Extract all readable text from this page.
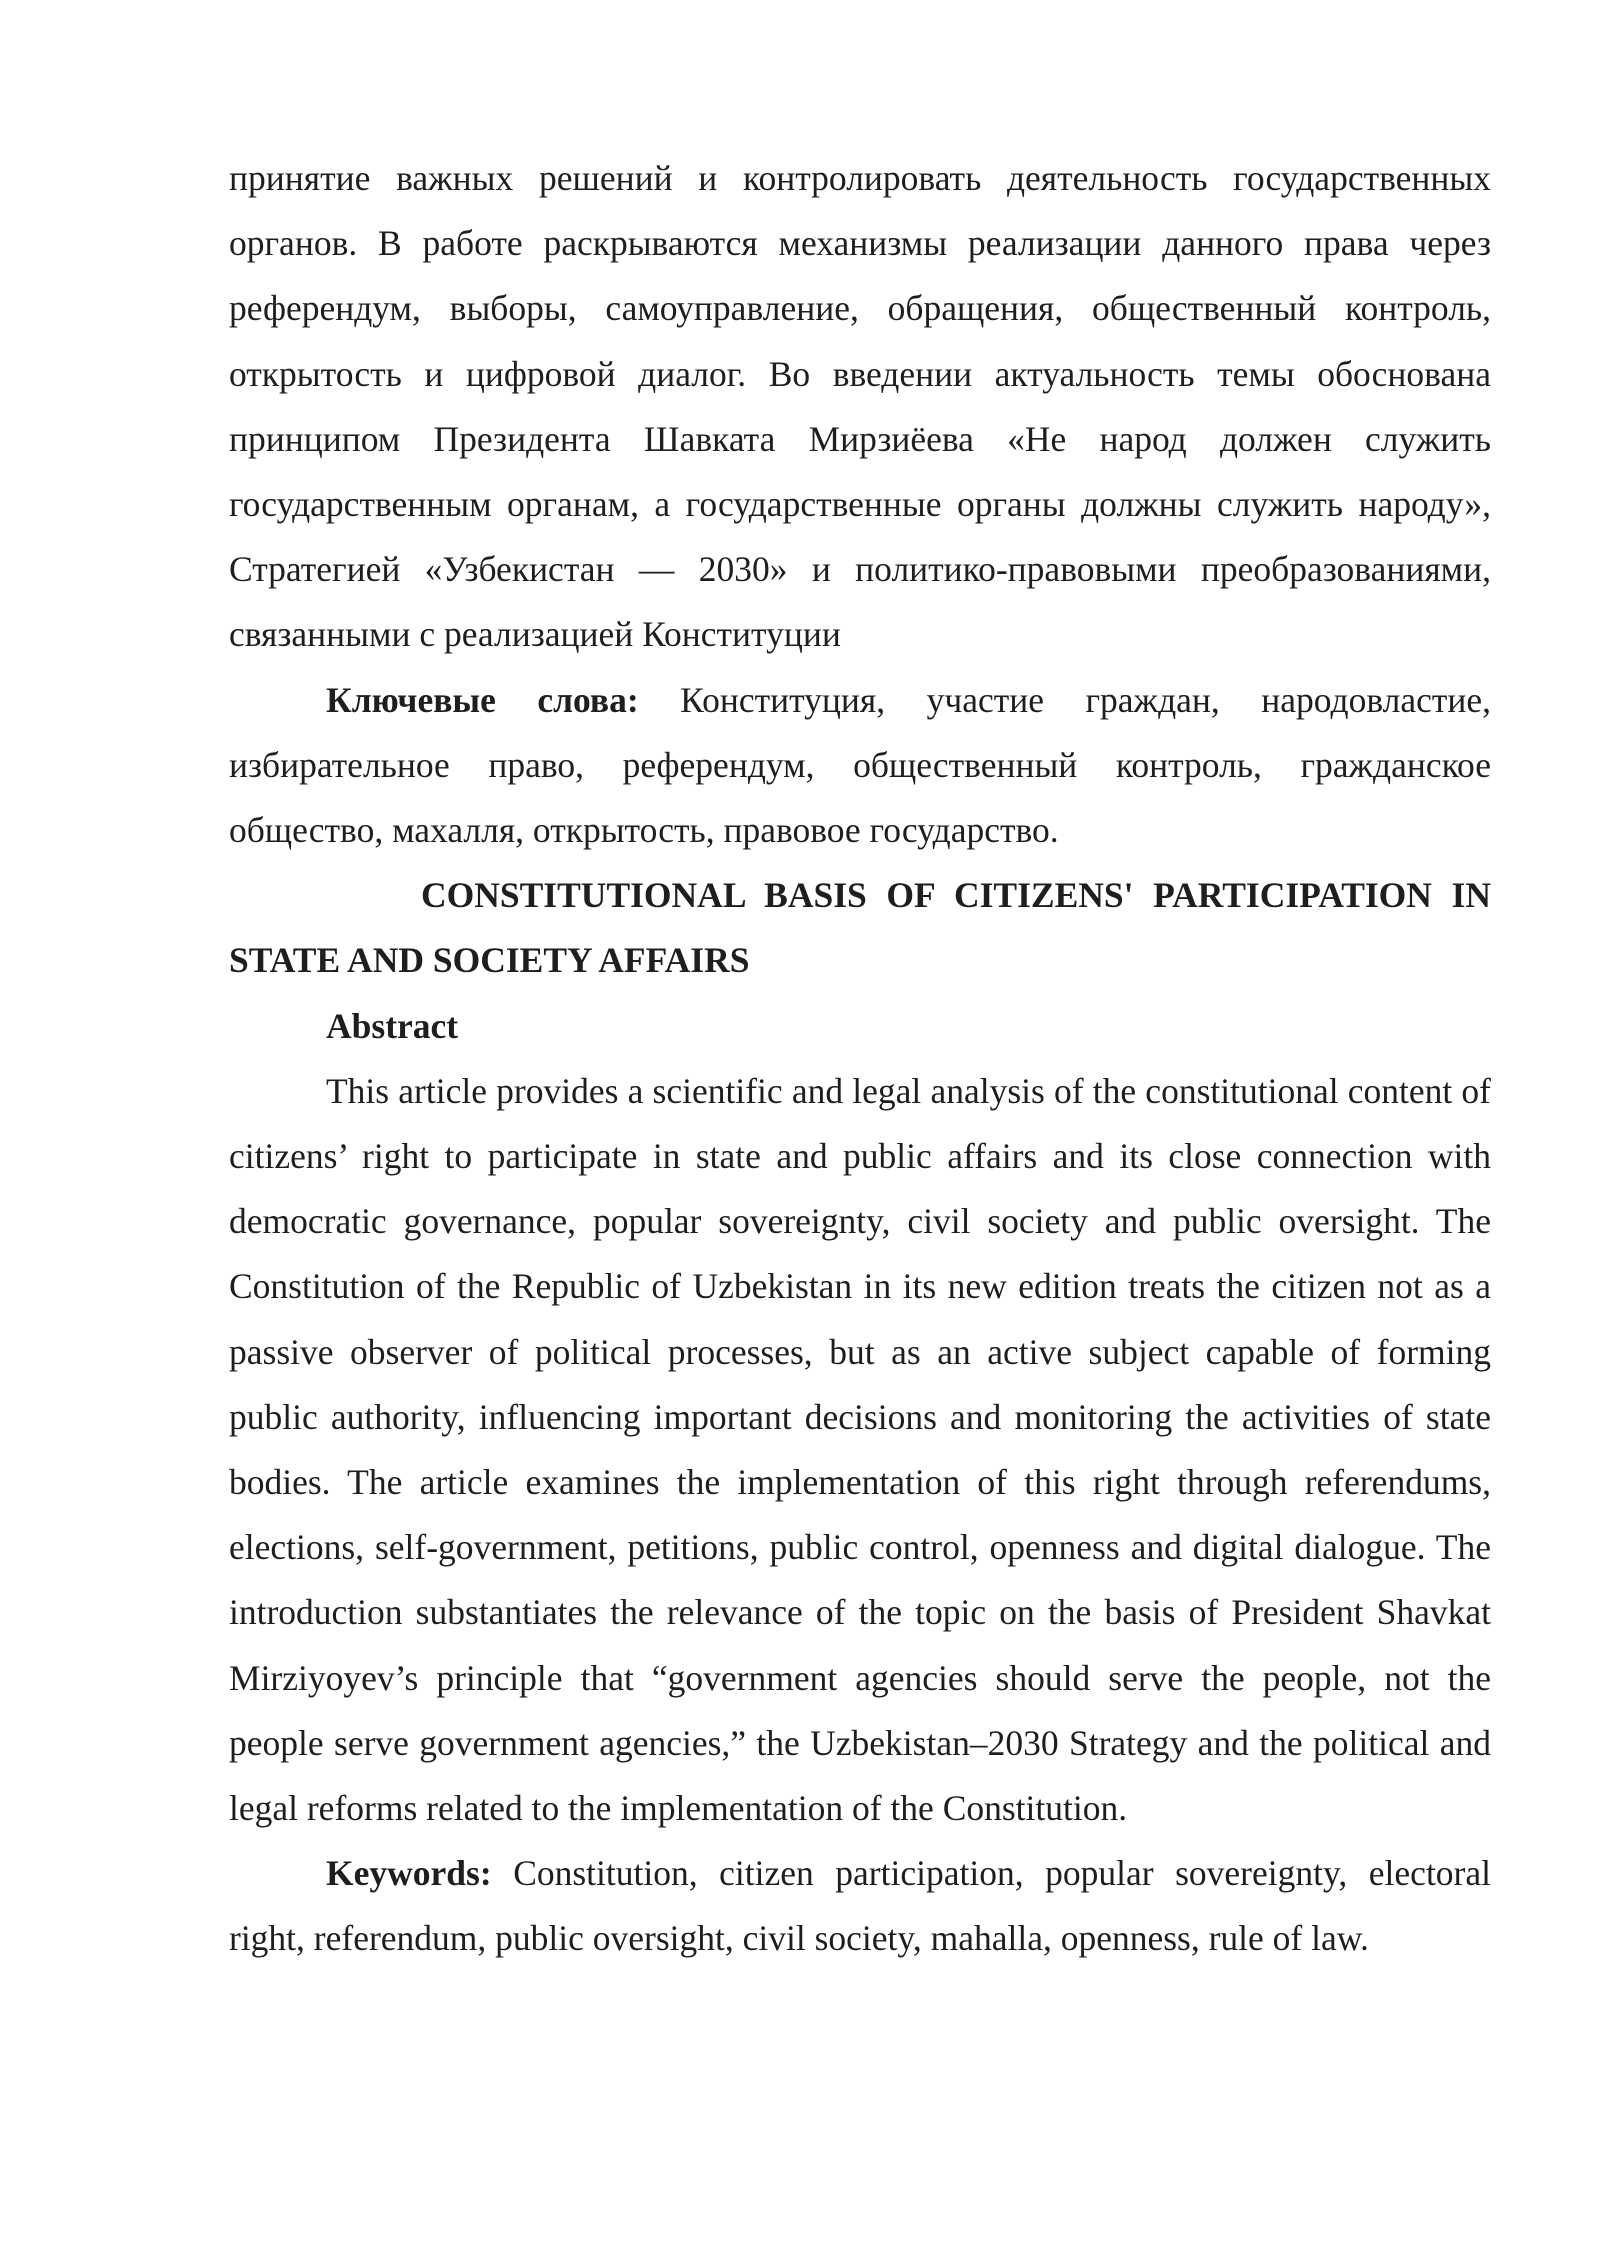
принятие важных решений и контролировать деятельность государственных органов. В работе раскрываются механизмы реализации данного права через референдум, выборы, самоуправление, обращения, общественный контроль, открытость и цифровой диалог. Во введении актуальность темы обоснована принципом Президента Шавката Мирзиёева «Не народ должен служить государственным органам, а государственные органы должны служить народу», Стратегией «Узбекистан — 2030» и политико-правовыми преобразованиями, связанными с реализацией Конституции

Ключевые слова: Конституция, участие граждан, народовластие, избирательное право, референдум, общественный контроль, гражданское общество, махалля, открытость, правовое государство.

CONSTITUTIONAL BASIS OF CITIZENS' PARTICIPATION IN STATE AND SOCIETY AFFAIRS

Abstract

This article provides a scientific and legal analysis of the constitutional content of citizens’ right to participate in state and public affairs and its close connection with democratic governance, popular sovereignty, civil society and public oversight. The Constitution of the Republic of Uzbekistan in its new edition treats the citizen not as a passive observer of political processes, but as an active subject capable of forming public authority, influencing important decisions and monitoring the activities of state bodies. The article examines the implementation of this right through referendums, elections, self-government, petitions, public control, openness and digital dialogue. The introduction substantiates the relevance of the topic on the basis of President Shavkat Mirziyoyev’s principle that “government agencies should serve the people, not the people serve government agencies,” the Uzbekistan–2030 Strategy and the political and legal reforms related to the implementation of the Constitution.

Keywords: Constitution, citizen participation, popular sovereignty, electoral right, referendum, public oversight, civil society, mahalla, openness, rule of law.
